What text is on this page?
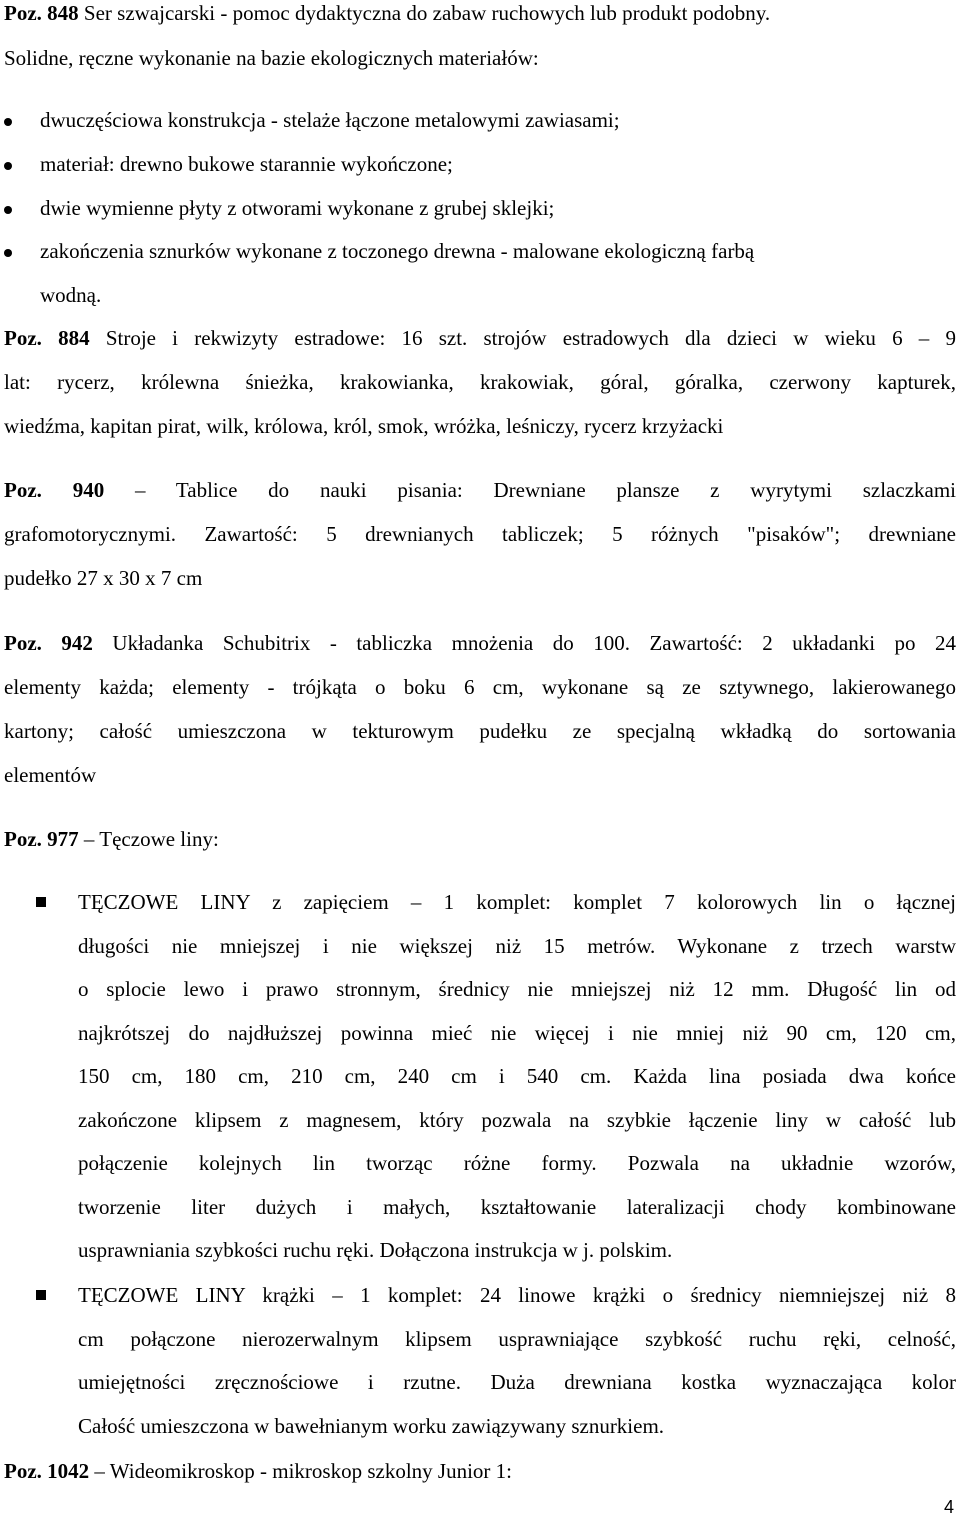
Poz. 848 Ser szwajcarski - pomoc dydaktyczna do zabaw ruchowych lub produkt podobny.
Solidne, ręczne wykonanie na bazie ekologicznych materiałów:
dwuczęściowa konstrukcja - stelaże łączone metalowymi zawiasami;
materiał: drewno bukowe starannie wykończone;
dwie wymienne płyty z otworami wykonane z grubej sklejki;
zakończenia sznurków wykonane z toczonego drewna - malowane ekologiczną farbą
wodną.
Poz. 884 Stroje i rekwizyty estradowe: 16 szt. strojów estradowych dla dzieci w wieku 6 – 9
lat: rycerz, królewna śnieżka, krakowianka, krakowiak, góral, góralka, czerwony kapturek,
wiedźma, kapitan pirat, wilk, królowa, król, smok, wróżka, leśniczy, rycerz krzyżacki
Poz. 940 – Tablice do nauki pisania: Drewniane plansze z wyrytymi szlaczkami
grafomotorycznymi. Zawartość: 5 drewnianych tabliczek; 5 różnych "pisaków"; drewniane
pudełko 27 x 30 x 7 cm
Poz. 942 Układanka Schubitrix - tabliczka mnożenia do 100. Zawartość: 2 układanki po 24
elementy każda; elementy - trójkąta o boku 6 cm, wykonane są ze sztywnego, lakierowanego
kartony; całość umieszczona w tekturowym pudełku ze specjalną wkładką do sortowania
elementów
Poz. 977 – Tęczowe liny:
TĘCZOWE LINY z zapięciem – 1 komplet: komplet 7 kolorowych lin o łącznej
długości nie mniejszej i nie większej niż 15 metrów. Wykonane z trzech warstw
o splocie lewo i prawo stronnym, średnicy nie mniejszej niż 12 mm. Długość lin od
najkrótszej do najdłuższej powinna mieć nie więcej i nie mniej niż 90 cm, 120 cm,
150 cm, 180 cm, 210 cm, 240 cm i 540 cm. Każda lina posiada dwa końce
zakończone klipsem z magnesem, który pozwala na szybkie łączenie liny w całość lub
połączenie kolejnych lin tworząc różne formy. Pozwala na układnie wzorów,
tworzenie liter dużych i małych, kształtowanie lateralizacji chody kombinowane
usprawniania szybkości ruchu ręki. Dołączona instrukcja w j. polskim.
TĘCZOWE LINY krążki – 1 komplet: 24 linowe krążki o średnicy niemniejszej niż 8
cm połączone nierozerwalnym klipsem usprawniające szybkość ruchu ręki, celność,
umiejętności zręcznościowe i rzutne. Duża drewniana kostka wyznaczająca kolor
Całość umieszczona w bawełnianym worku zawiązywany sznurkiem.
Poz. 1042 – Wideomikroskop - mikroskop szkolny Junior 1:
4
